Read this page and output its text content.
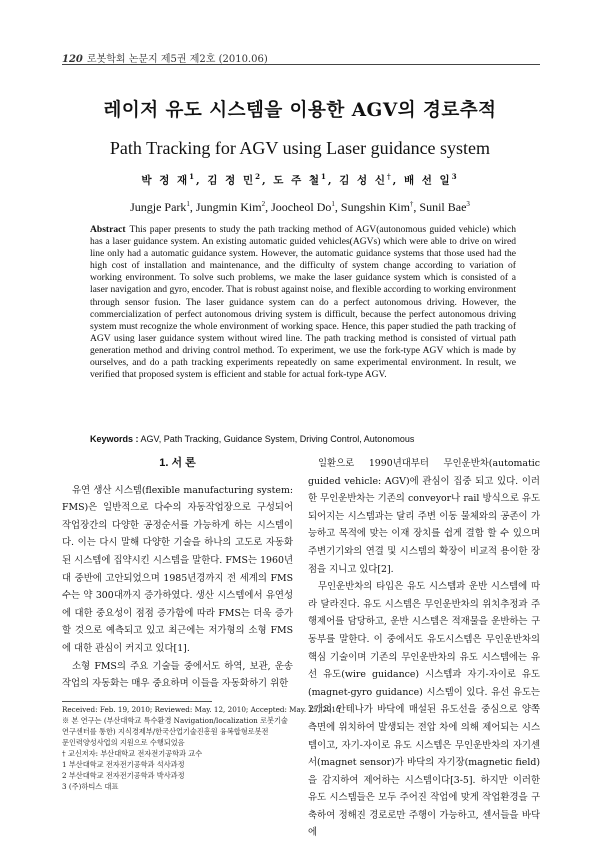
120 로봇학회 논문지 제5권 제2호 (2010.06)
레이저 유도 시스템을 이용한 AGV의 경로추적
Path Tracking for AGV using Laser guidance system
박 정 재$^1$, 김 정 민$^2$, 도 주 철$^1$, 김 성 신†, 배 선 일$^3$
Jungje Park$^1$, Jungmin Kim$^2$, Joocheol Do$^1$, Sungshin Kim†, Sunil Bae$^3$
Abstract This paper presents to study the path tracking method of AGV(autonomous guided vehicle) which has a laser guidance system. An existing automatic guided vehicles(AGVs) which were able to drive on wired line only had a automatic guidance system. However, the automatic guidance systems that those used had the high cost of installation and maintenance, and the difficulty of system change according to variation of working environment. To solve such problems, we make the laser guidance system which is consisted of a laser navigation and gyro, encoder. That is robust against noise, and flexible according to working environment through sensor fusion. The laser guidance system can do a perfect autonomous driving. However, the commercialization of perfect autonomous driving system is difficult, because the perfect autonomous driving system must recognize the whole environment of working space. Hence, this paper studied the path tracking of AGV using laser guidance system without wired line. The path tracking method is consisted of virtual path generation method and driving control method. To experiment, we use the fork-type AGV which is made by ourselves, and do a path tracking experiments repeatedly on same experimental environment. In result, we verified that proposed system is efficient and stable for actual fork-type AGV.
Keywords : AGV, Path Tracking, Guidance System, Driving Control, Autonomous
1. 서 론

유연 생산 시스템(flexible manufacturing system: FMS)은 일반적으로 다수의 자동작업장으로 구성되어 작업장간의 다양한 공정순서를 가능하게 하는 시스템이다. 이는 다시 말해 다양한 기술을 하나의 고도로 자동화된 시스템에 집약시킨 시스템을 말한다. FMS는 1960년대 중반에 고안되었으며 1985년경까지 전 세계의 FMS 수는 약 300대까지 증가하였다. 생산 시스템에서 유연성에 대한 중요성이 점점 증가함에 따라 FMS는 더욱 증가할 것으로 예측되고 있고 최근에는 저가형의 소형 FMS에 대한 관심이 커지고 있다[1].

소형 FMS의 주요 기술들 중에서도 하역, 보관, 운송작업의 자동화는 매우 중요하며 이들을 자동화하기 위한

일환으로 1990년대부터 무인운반차(automatic guided vehicle: AGV)에 관심이 집중 되고 있다. 이러한 무인운반차는 기존의 conveyor나 rail 방식으로 유도되어지는 시스템과는 달리 주변 이동 물체와의 공존이 가능하고 목적에 맞는 이재 장치를 쉽게 결합 할 수 있으며 주변기기와의 연결 및 시스템의 확장이 비교적 용이한 장점을 지니고 있다[2].

무인운반차의 타입은 유도 시스템과 운반 시스템에 따라 달라진다. 유도 시스템은 무인운반차의 위치추정과 주행제어를 담당하고, 운반 시스템은 적재물을 운반하는 구동부를 말한다. 이 중에서도 유도시스템은 무인운반차의 핵심 기술이며 기존의 무인운반차의 유도 시스템에는 유선 유도(wire guidance) 시스템과 자기-자이로 유도(magnet-gyro guidance) 시스템이 있다. 유선 유도는 2개의 안테나가 바닥에 매설된 유도선을 중심으로 양쪽 측면에 위치하여 발생되는 전압 차에 의해 제어되는 시스템이고, 자기-자이로 유도 시스템은 무인운반차의 자기센서(magnet sensor)가 바닥의 자기장(magnetic field)을 감지하여 제어하는 시스템이다[3-5]. 하지만 이러한 유도 시스템들은 모두 주어진 작업에 맞게 작업환경을 구축하여 정해진 경로로만 주행이 가능하고, 센서들을 바닥에

Received: Feb. 19, 2010; Reviewed: May. 12, 2010; Accepted: May. 15, 2010
※ 본 연구는 (부산대학교 특수환경 Navigation/localization 로봇기술
연구센터를 통한) 지식경제부/한국산업기술진흥원 융복합형로봇전
문인력양성사업의 지원으로 수행되었음
† 교신저자: 부산대학교 전자전기공학과 교수
1 부산대학교 전자전기공학과 석사과정
2 부산대학교 전자전기공학과 박사과정
3 (주)하티스 대표
